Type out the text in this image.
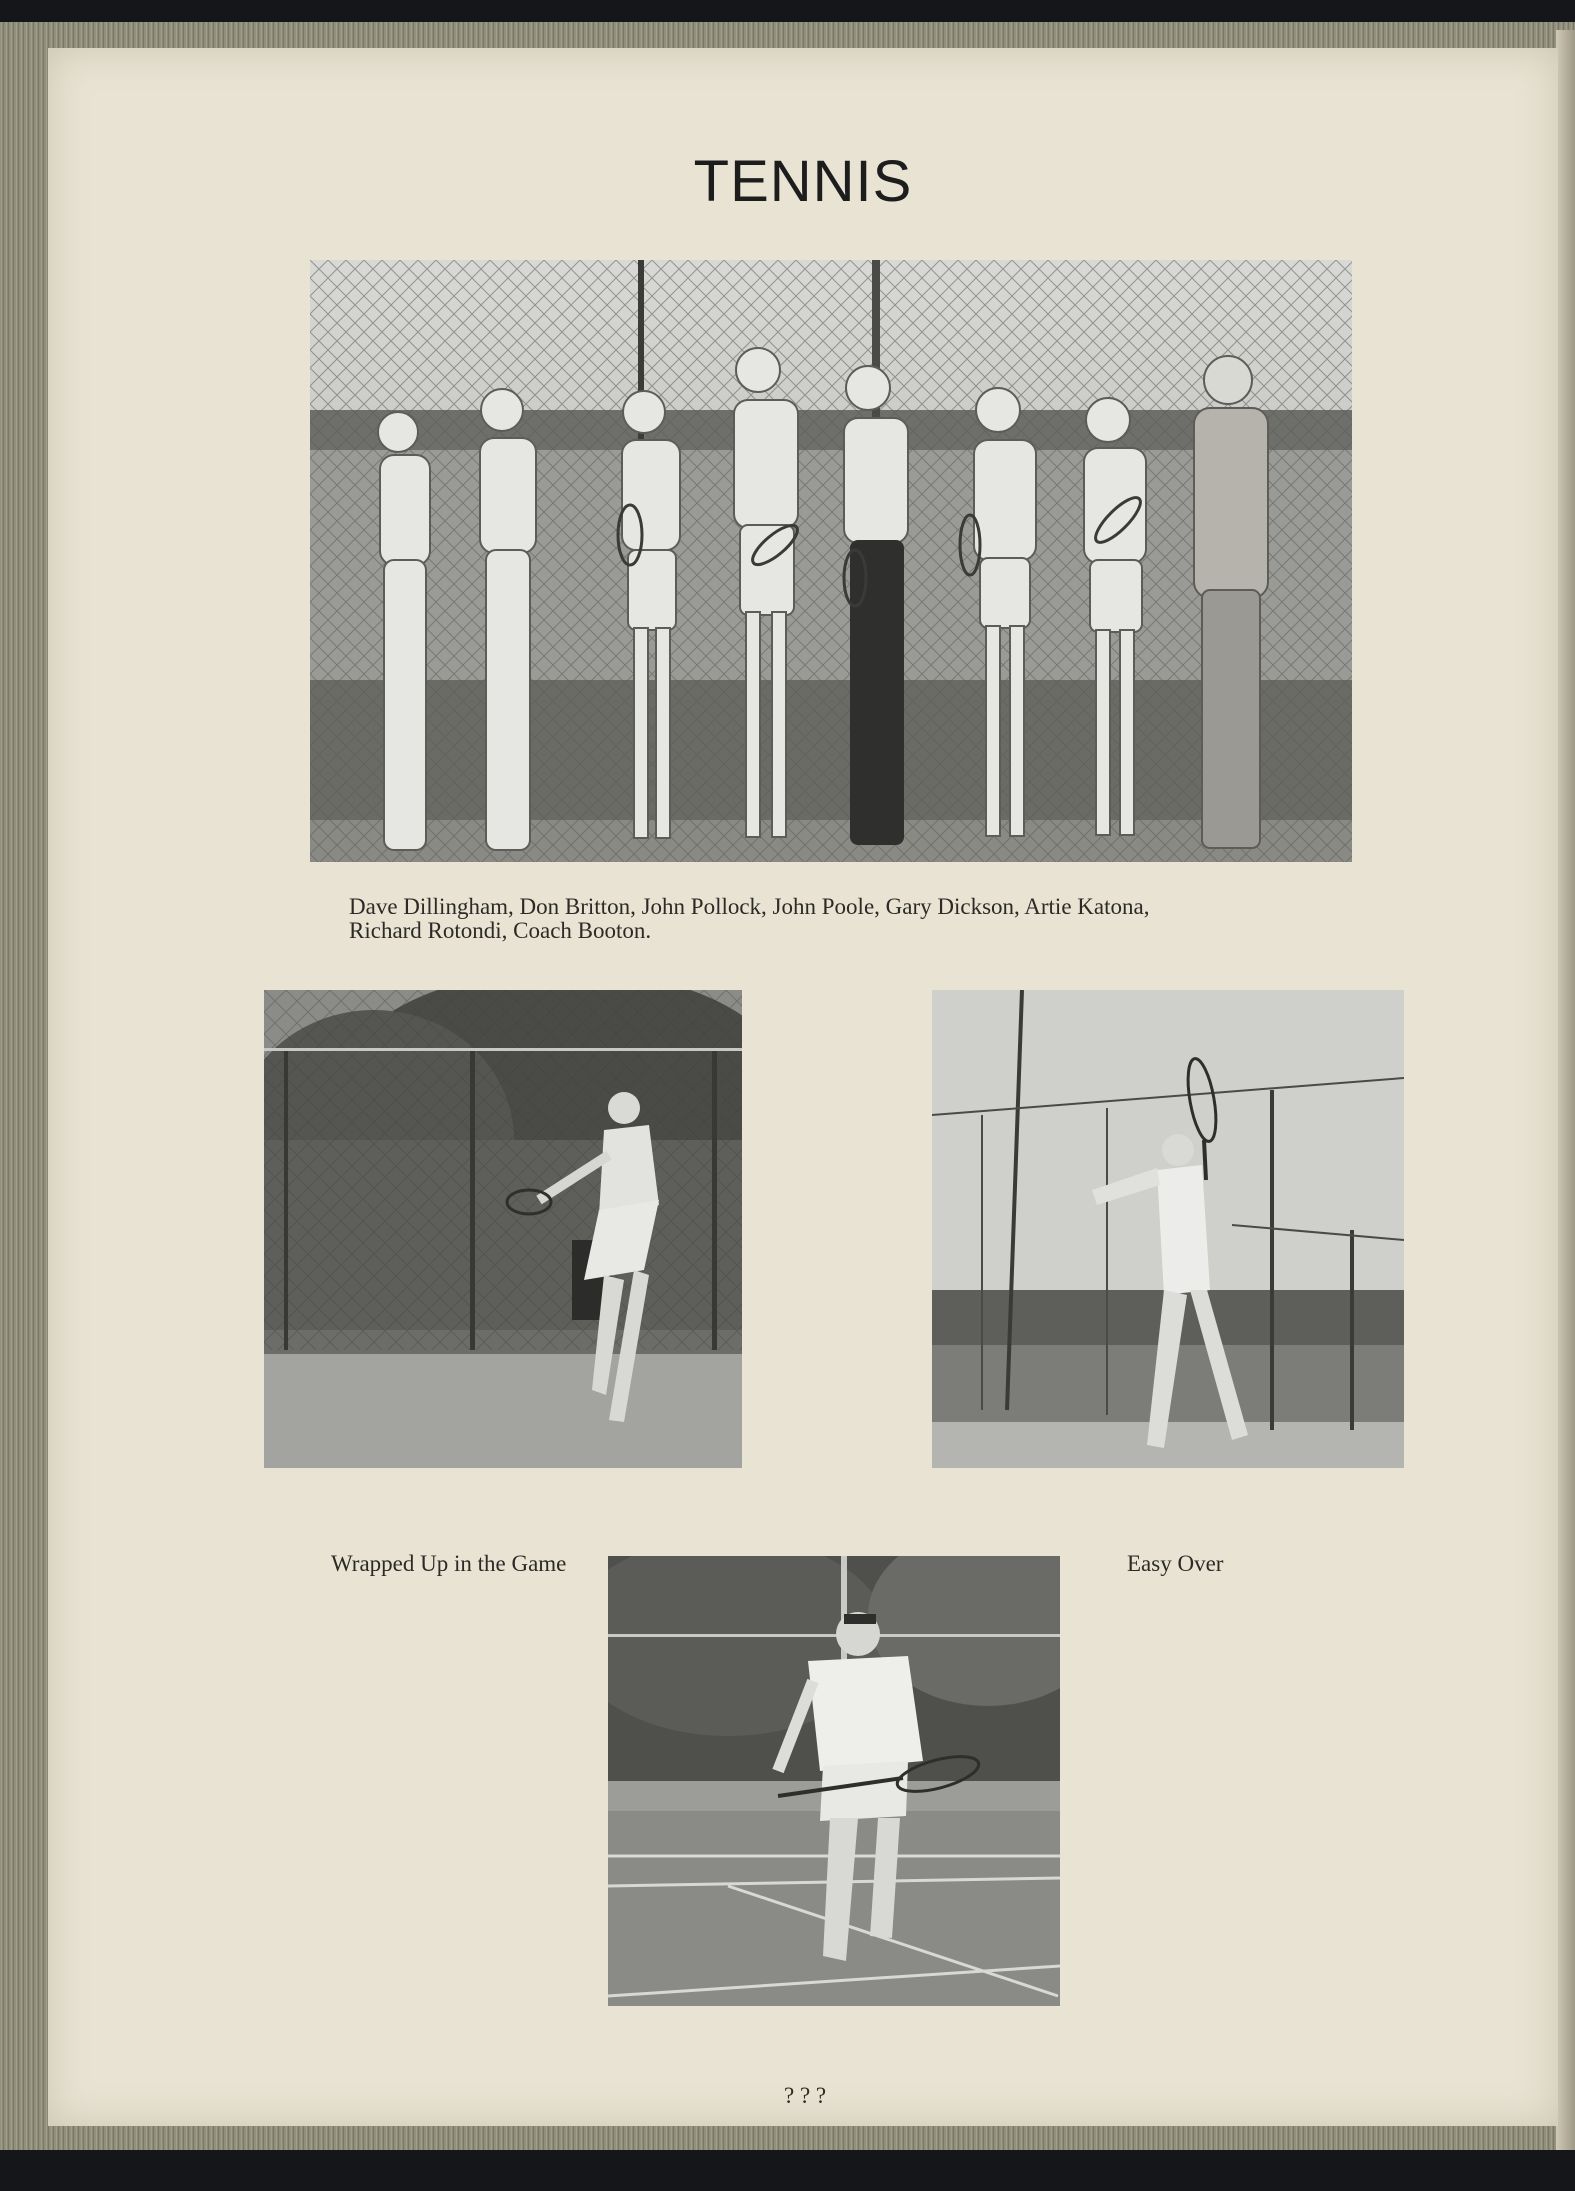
TENNIS
Dave Dillingham, Don Britton, John Pollock, John Poole, Gary Dickson, Artie Katona,
Richard Rotondi, Coach Booton.
Wrapped Up in the Game	Easy Over
? ? ?
